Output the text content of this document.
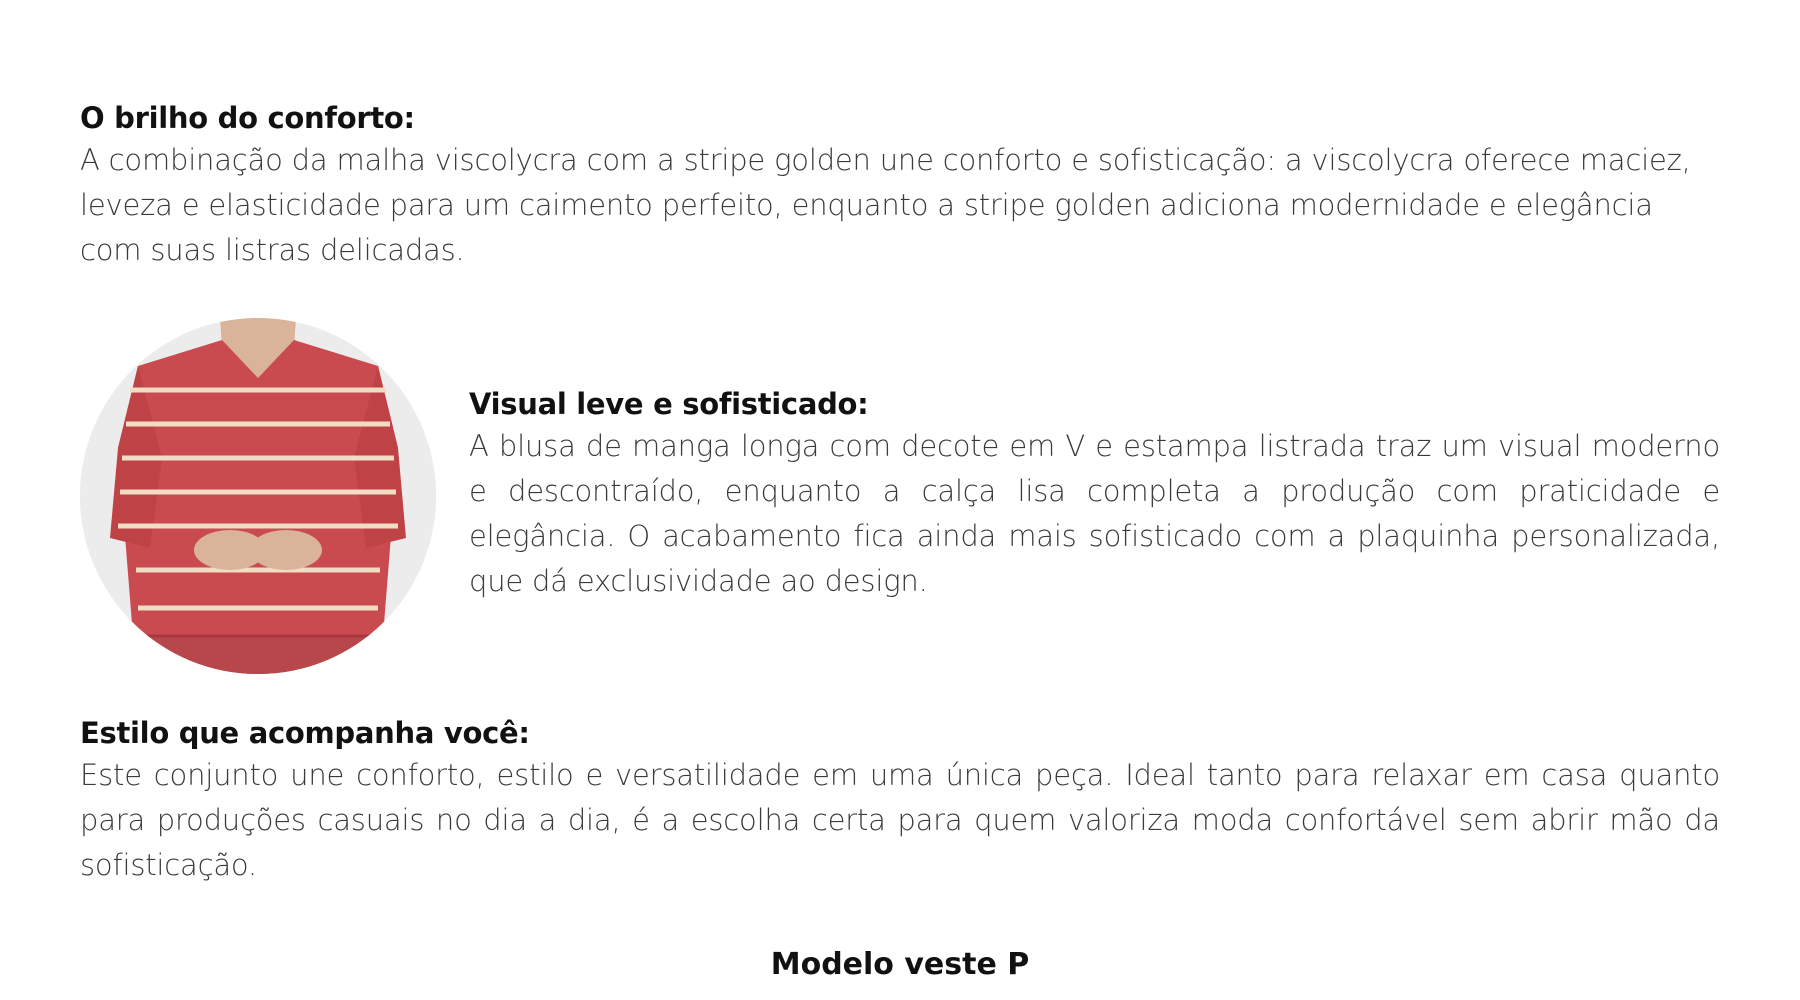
O brilho do conforto:
A combinação da malha viscolycra com a stripe golden une conforto e sofisticação: a viscolycra oferece maciez, leveza e elasticidade para um caimento perfeito, enquanto a stripe golden adiciona modernidade e elegância com suas listras delicadas.
Visual leve e sofisticado:
A blusa de manga longa com decote em V e estampa listrada traz um visual moderno e descontraído, enquanto a calça lisa completa a produção com praticidade e elegância. O acabamento fica ainda mais sofisticado com a plaquinha personalizada, que dá exclusividade ao design.
Estilo que acompanha você:
Este conjunto une conforto, estilo e versatilidade em uma única peça. Ideal tanto para relaxar em casa quanto para produções casuais no dia a dia, é a escolha certa para quem valoriza moda confortável sem abrir mão da sofisticação.
Modelo veste P
